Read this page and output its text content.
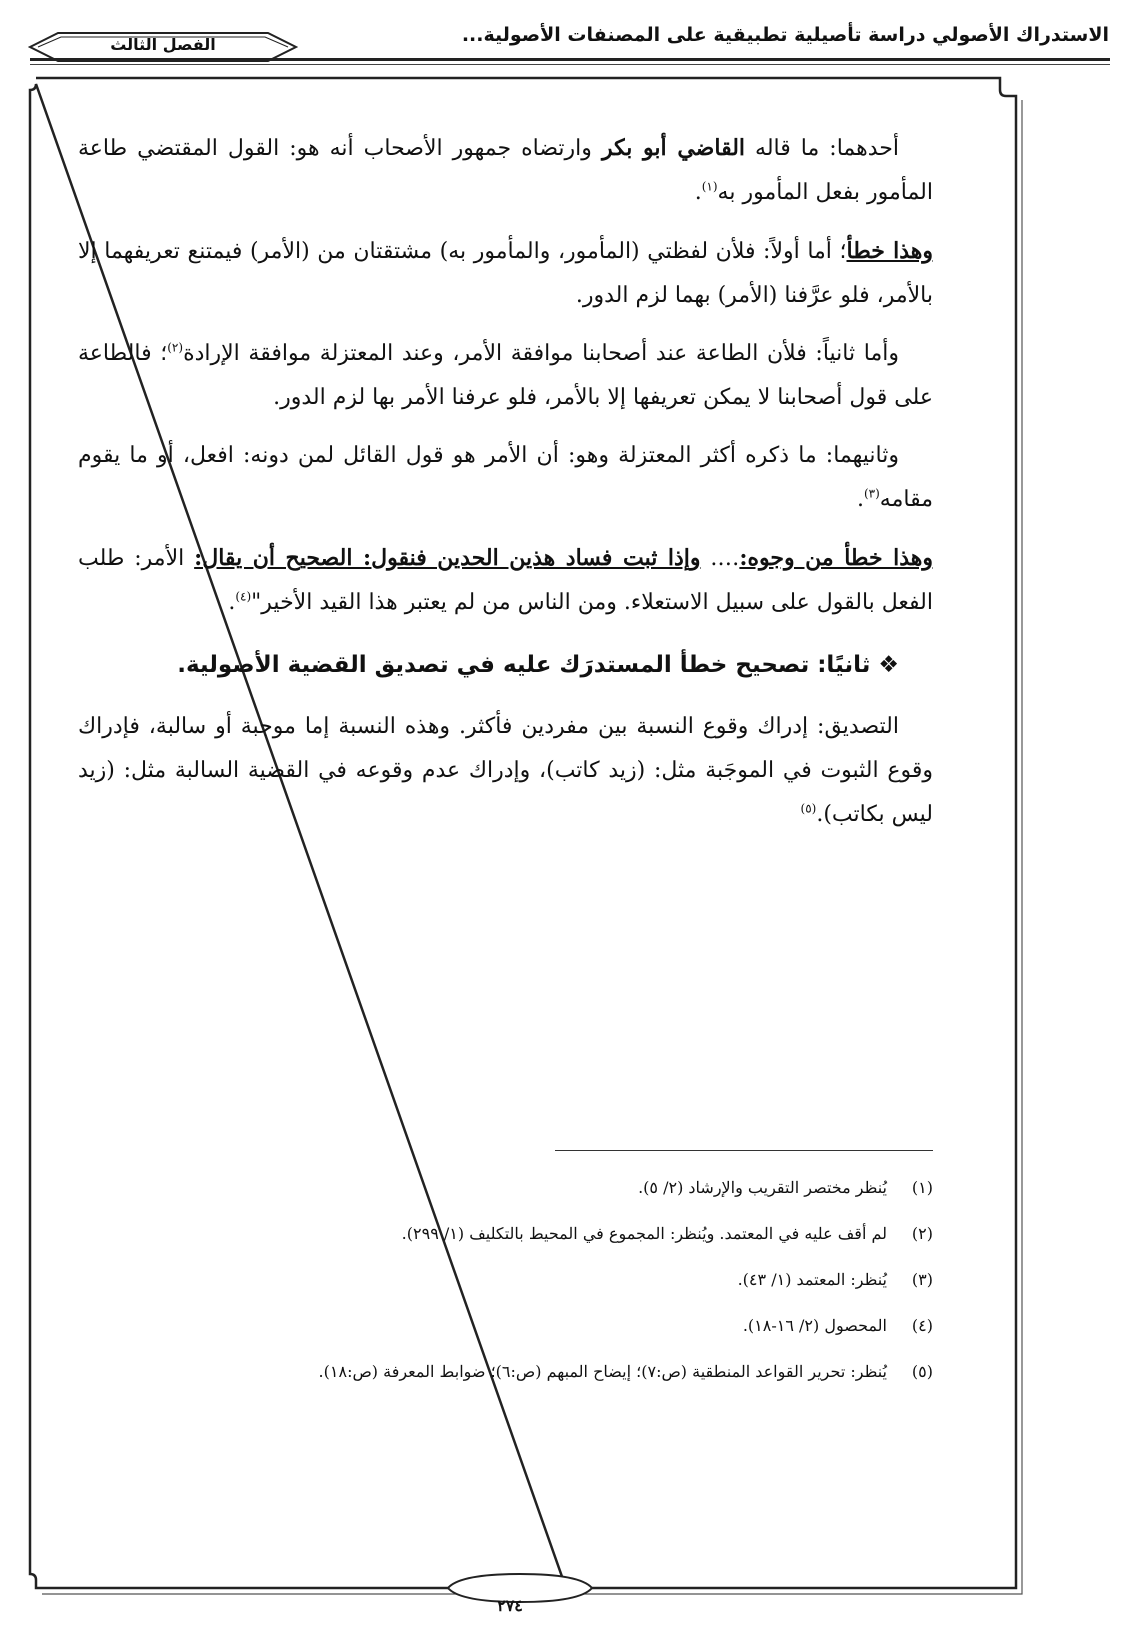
الاستدراك الأصولي دراسة تأصيلية تطبيقية على المصنفات الأصولية...
الفصل الثالث
٢٧٤

أحدهما: ما قاله القاضي أبو بكر وارتضاه جمهور الأصحاب أنه هو: القول المقتضي طاعة المأمور بفعل المأمور به$^{(١)}$.

وهذا خطأ؛ أما أولاً: فلأن لفظتي (المأمور، والمأمور به) مشتقتان من (الأمر) فيمتنع تعريفهما إلا بالأمر، فلو عرَّفنا (الأمر) بهما لزم الدور.

وأما ثانياً: فلأن الطاعة عند أصحابنا موافقة الأمر، وعند المعتزلة موافقة الإرادة$^{(٢)}$؛ فالطاعة على قول أصحابنا لا يمكن تعريفها إلا بالأمر، فلو عرفنا الأمر بها لزم الدور.

وثانيهما: ما ذكره أكثر المعتزلة وهو: أن الأمر هو قول القائل لمن دونه: افعل، أو ما يقوم مقامه$^{(٣)}$.

وهذا خطأ من وجوه:…. وإذا ثبت فساد هذين الحدين فنقول: الصحيح أن يقال: الأمر: طلب الفعل بالقول على سبيل الاستعلاء. ومن الناس من لم يعتبر هذا القيد الأخير"$^{(٤)}$.

❖ ثانيًا: تصحيح خطأ المستدرَك عليه في تصديق القضية الأصولية.

التصديق: إدراك وقوع النسبة بين مفردين فأكثر. وهذه النسبة إما موجبة أو سالبة، فإدراك وقوع الثبوت في الموجَبة مثل: (زيد كاتب)، وإدراك عدم وقوعه في القضية السالبة مثل: (زيد ليس بكاتب).$^{(٥)}$

(١)يُنظر مختصر التقريب والإرشاد (٢/ ٥).
(٢)لم أقف عليه في المعتمد. ويُنظر: المجموع في المحيط بالتكليف (١/ ٢٩٩).
(٣)يُنظر: المعتمد (١/ ٤٣).
(٤)المحصول (٢/ ١٦-١٨).
(٥)يُنظر: تحرير القواعد المنطقية (ص:٧)؛ إيضاح المبهم (ص:٦)؛ ضوابط المعرفة (ص:١٨).
